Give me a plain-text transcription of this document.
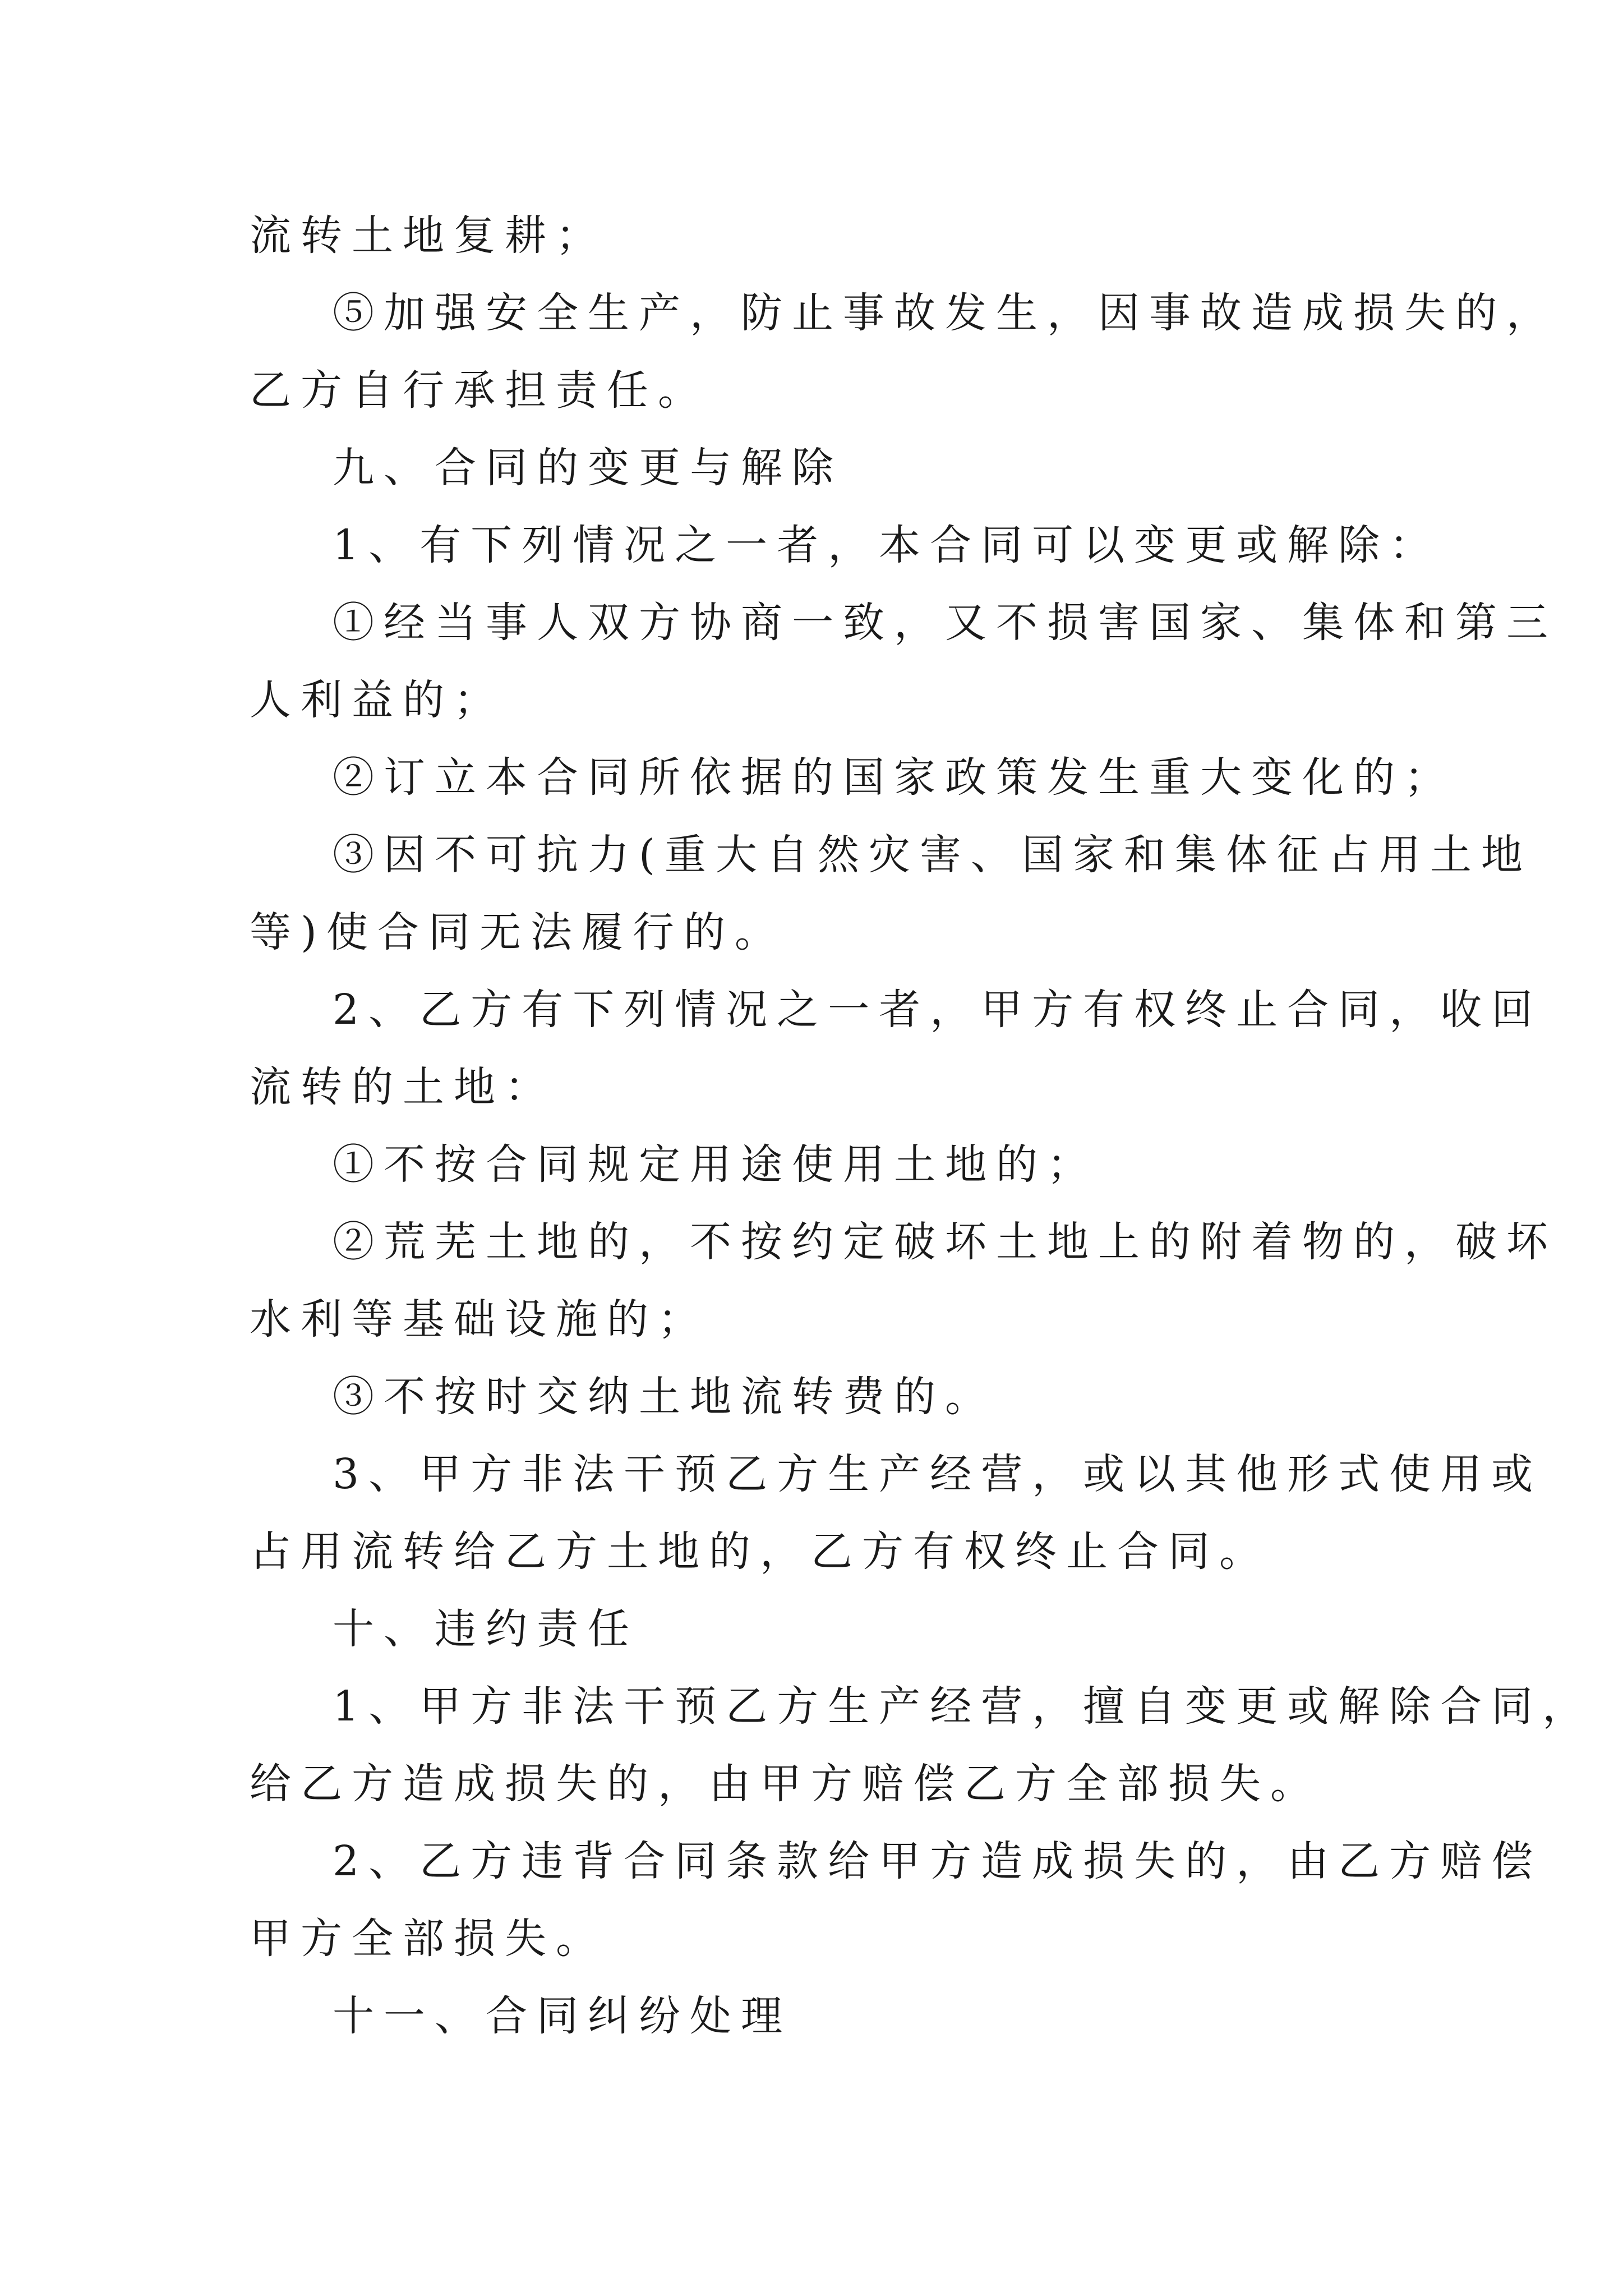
流转土地复耕；
⑤加强安全生产，防止事故发生，因事故造成损失的，
乙方自行承担责任。
九、合同的变更与解除
1、有下列情况之一者，本合同可以变更或解除：
①经当事人双方协商一致，又不损害国家、集体和第三
人利益的；
②订立本合同所依据的国家政策发生重大变化的；
③因不可抗力(重大自然灾害、国家和集体征占用土地
等)使合同无法履行的。
2、乙方有下列情况之一者，甲方有权终止合同，收回
流转的土地：
①不按合同规定用途使用土地的；
②荒芜土地的，不按约定破坏土地上的附着物的，破坏
水利等基础设施的；
③不按时交纳土地流转费的。
3、甲方非法干预乙方生产经营，或以其他形式使用或
占用流转给乙方土地的，乙方有权终止合同。
十、违约责任
1、甲方非法干预乙方生产经营，擅自变更或解除合同，
给乙方造成损失的，由甲方赔偿乙方全部损失。
2、乙方违背合同条款给甲方造成损失的，由乙方赔偿
甲方全部损失。
十一、合同纠纷处理
